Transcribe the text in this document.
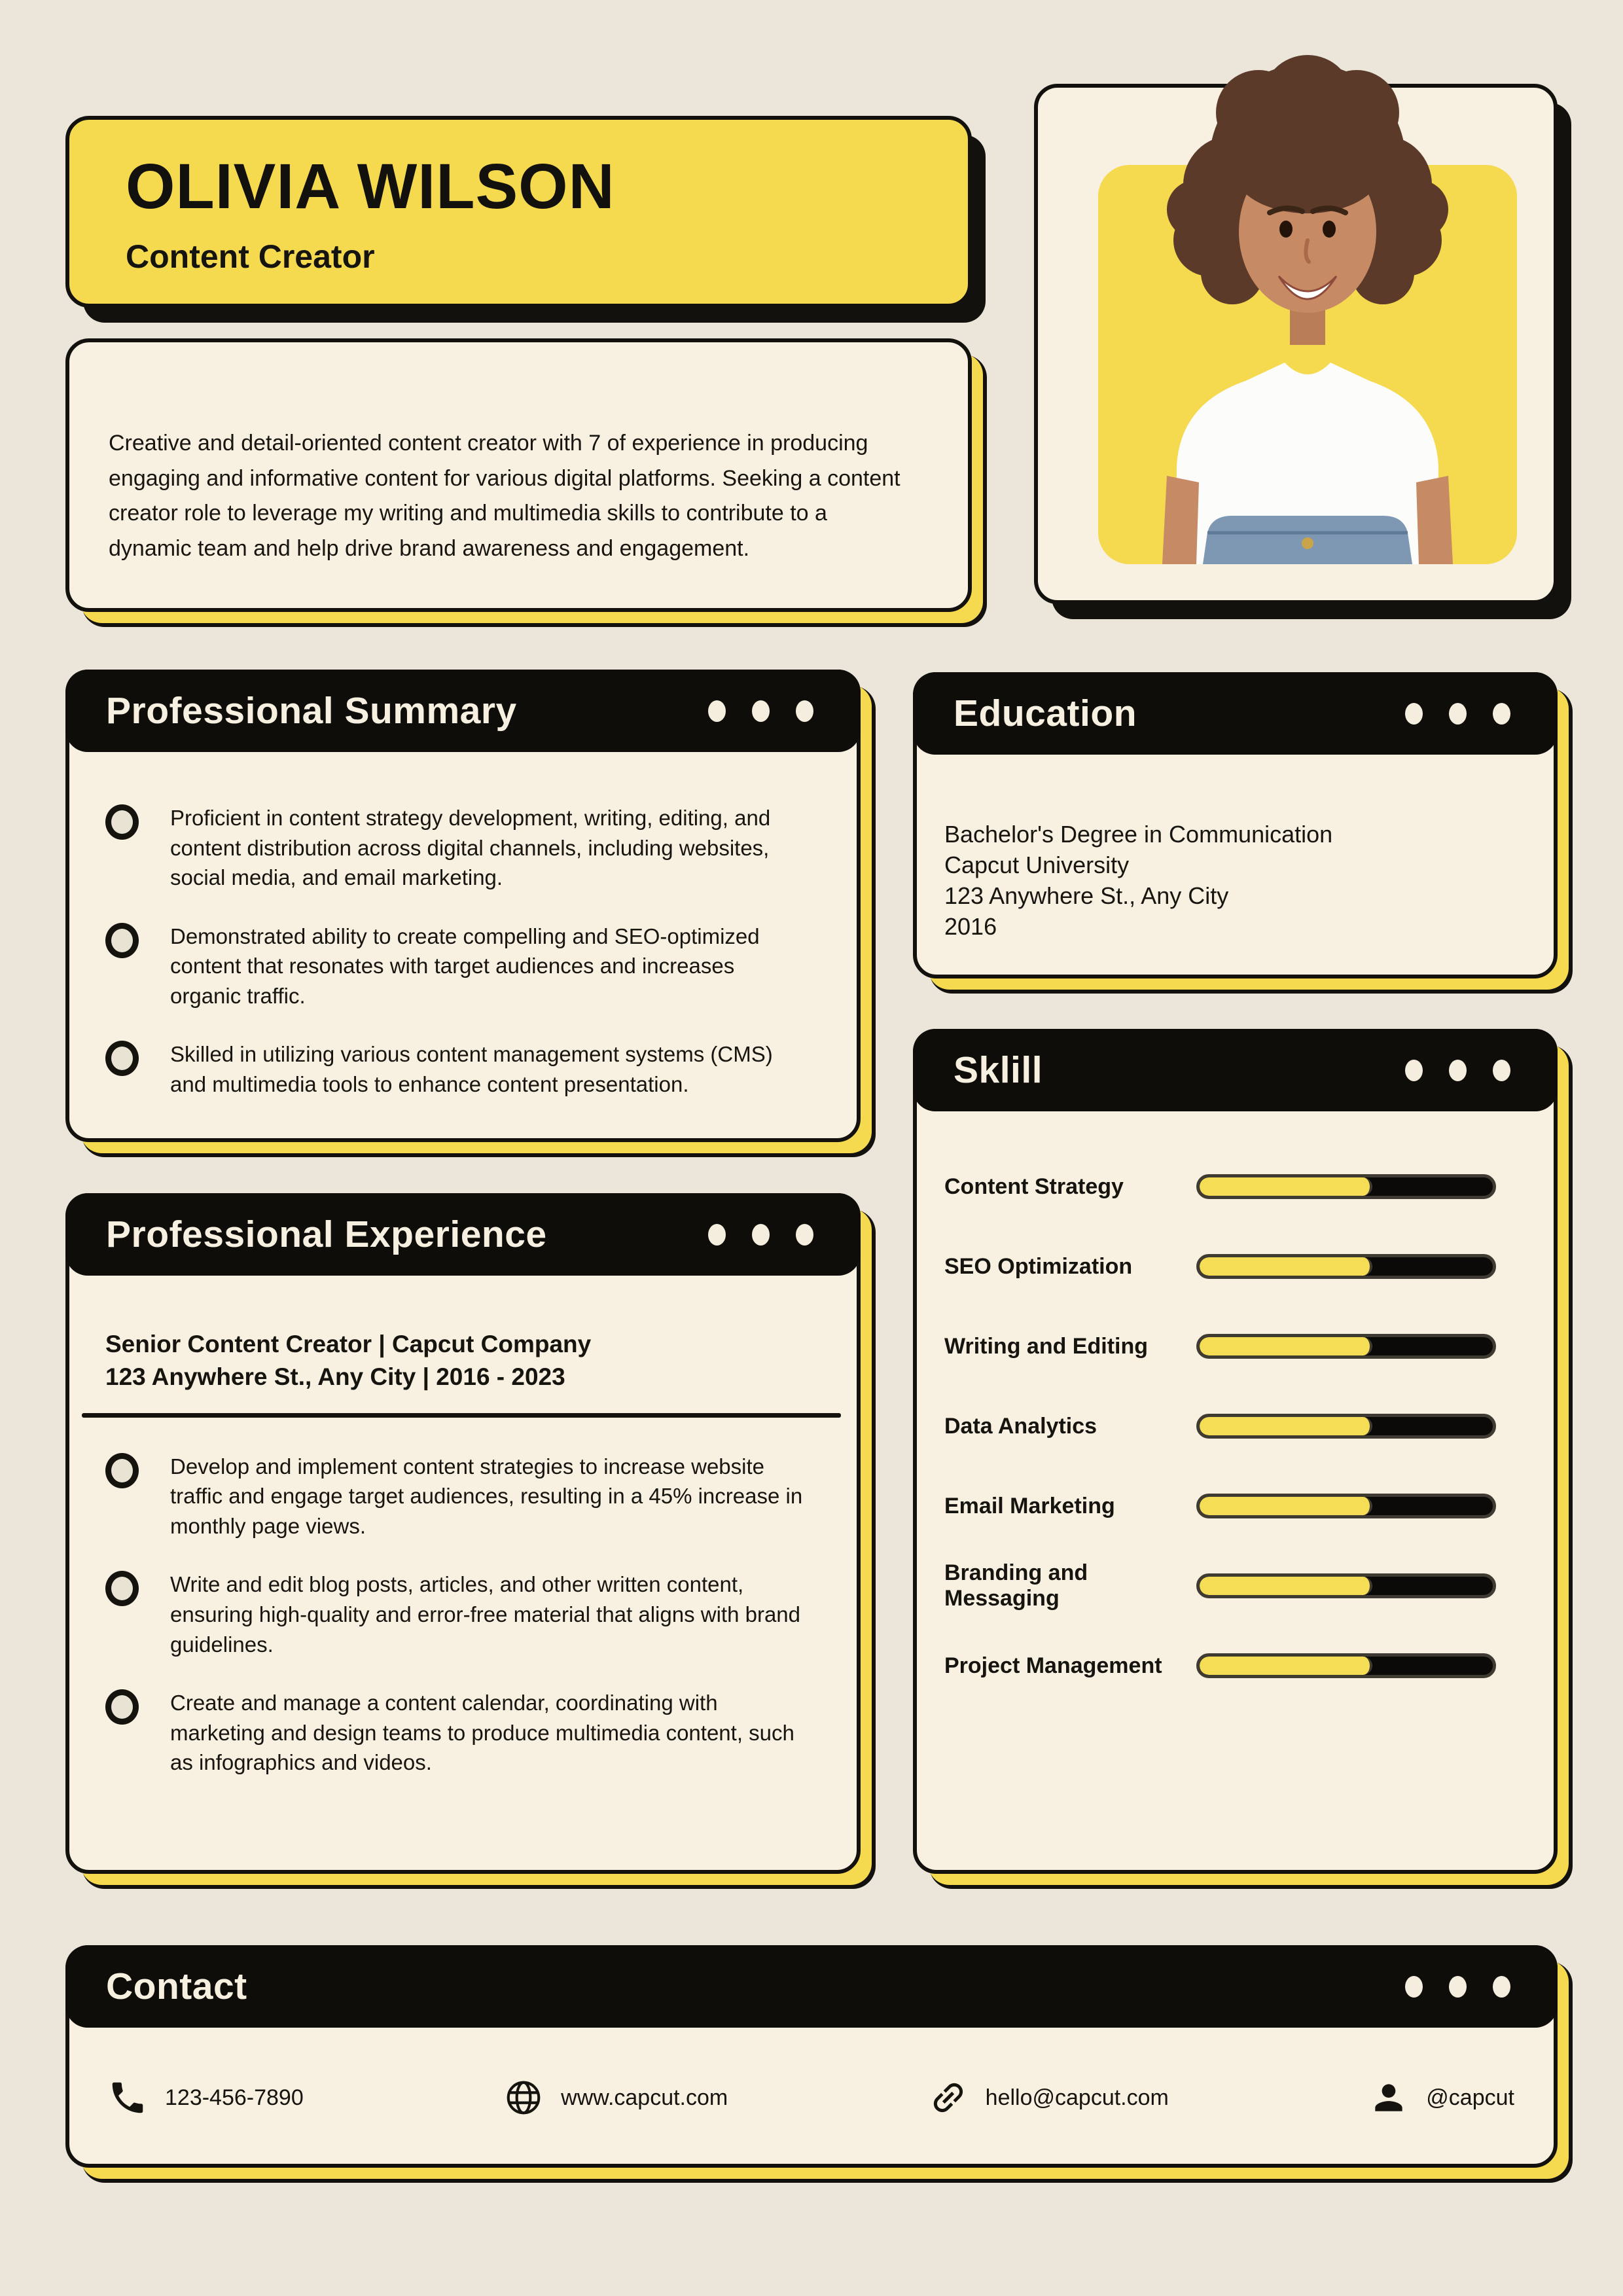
OLIVIA WILSON
Content Creator
Creative and detail-oriented content creator with 7 of experience in producing engaging and informative content for various digital platforms. Seeking a content creator role to leverage my writing and multimedia skills to contribute to a dynamic team and help drive brand awareness and engagement.
Professional Summary
Proficient in content strategy development, writing, editing, and content distribution across digital channels, including websites, social media, and email marketing.
Demonstrated ability to create compelling and SEO-optimized content that resonates with target audiences and increases organic traffic.
Skilled in utilizing various content management systems (CMS) and multimedia tools to enhance content presentation.
Education
Bachelor's Degree in Communication
Capcut University
123 Anywhere St., Any City
2016
Sklill
Content Strategy
SEO Optimization
Writing and Editing
Data Analytics
Email Marketing
Branding and Messaging
Project Management
Professional Experience
Senior Content Creator | Capcut Company
123 Anywhere St., Any City | 2016 - 2023
Develop and implement content strategies to increase website traffic and engage target audiences, resulting in a 45% increase in monthly page views.
Write and edit blog posts, articles, and other written content, ensuring high-quality and error-free material that aligns with brand guidelines.
Create and manage a content calendar, coordinating with marketing and design teams to produce multimedia content, such as infographics and videos.
Contact
123-456-7890	www.capcut.com	hello@capcut.com	@capcut
